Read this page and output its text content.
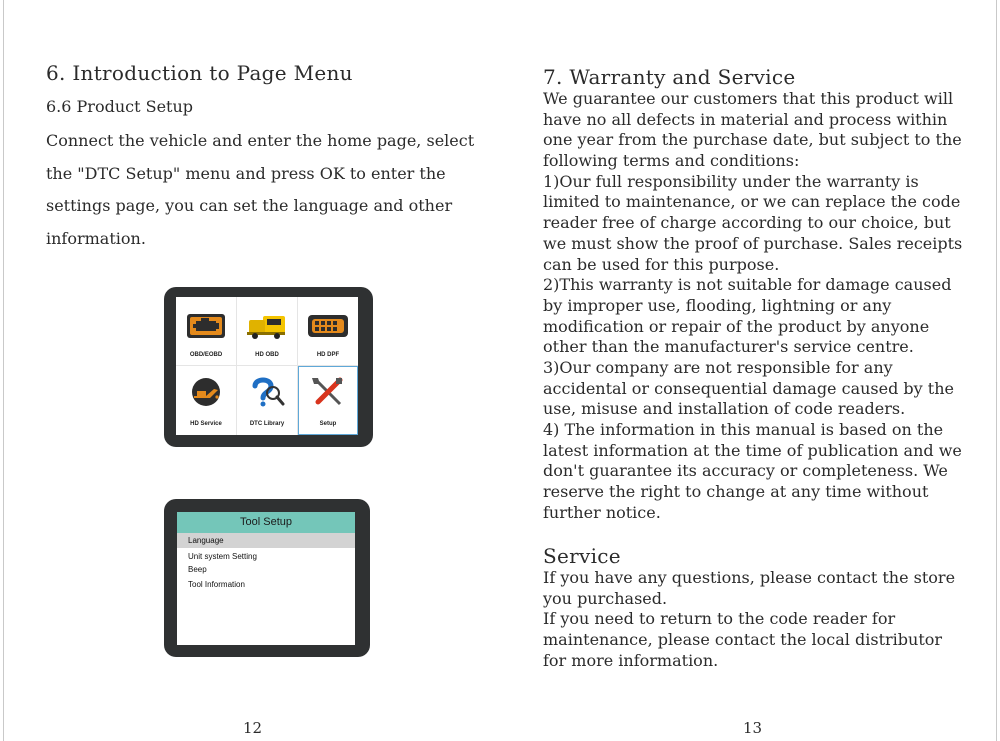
6. Introduction to Page Menu
6.6 Product Setup
Connect the vehicle and enter the home page, select
the "DTC Setup" menu and press OK to enter the
settings page, you can set the language and other
information.
OBD/EOBD	HD OBD	HD DPF
HD Service	DTC Library	Setup
Tool Setup
Language
Unit system Setting
Beep
Tool Information
12
7. Warranty and Service
We guarantee our customers that this product will
have no all defects in material and process within
one year from the purchase date, but subject to the
following terms and conditions:
1)Our full responsibility under the warranty is
limited to maintenance, or we can replace the code
reader free of charge according to our choice, but
we must show the proof of purchase. Sales receipts
can be used for this purpose.
2)This warranty is not suitable for damage caused
by improper use, flooding, lightning or any
modification or repair of the product by anyone
other than the manufacturer's service centre.
3)Our company are not responsible for any
accidental or consequential damage caused by the
use, misuse and installation of code readers.
4) The information in this manual is based on the
latest information at the time of publication and we
don't guarantee its accuracy or completeness. We
reserve the right to change at any time without
further notice.
Service
If you have any questions, please contact the store
you purchased.
If you need to return to the code reader for
maintenance, please contact the local distributor
for more information.
13
